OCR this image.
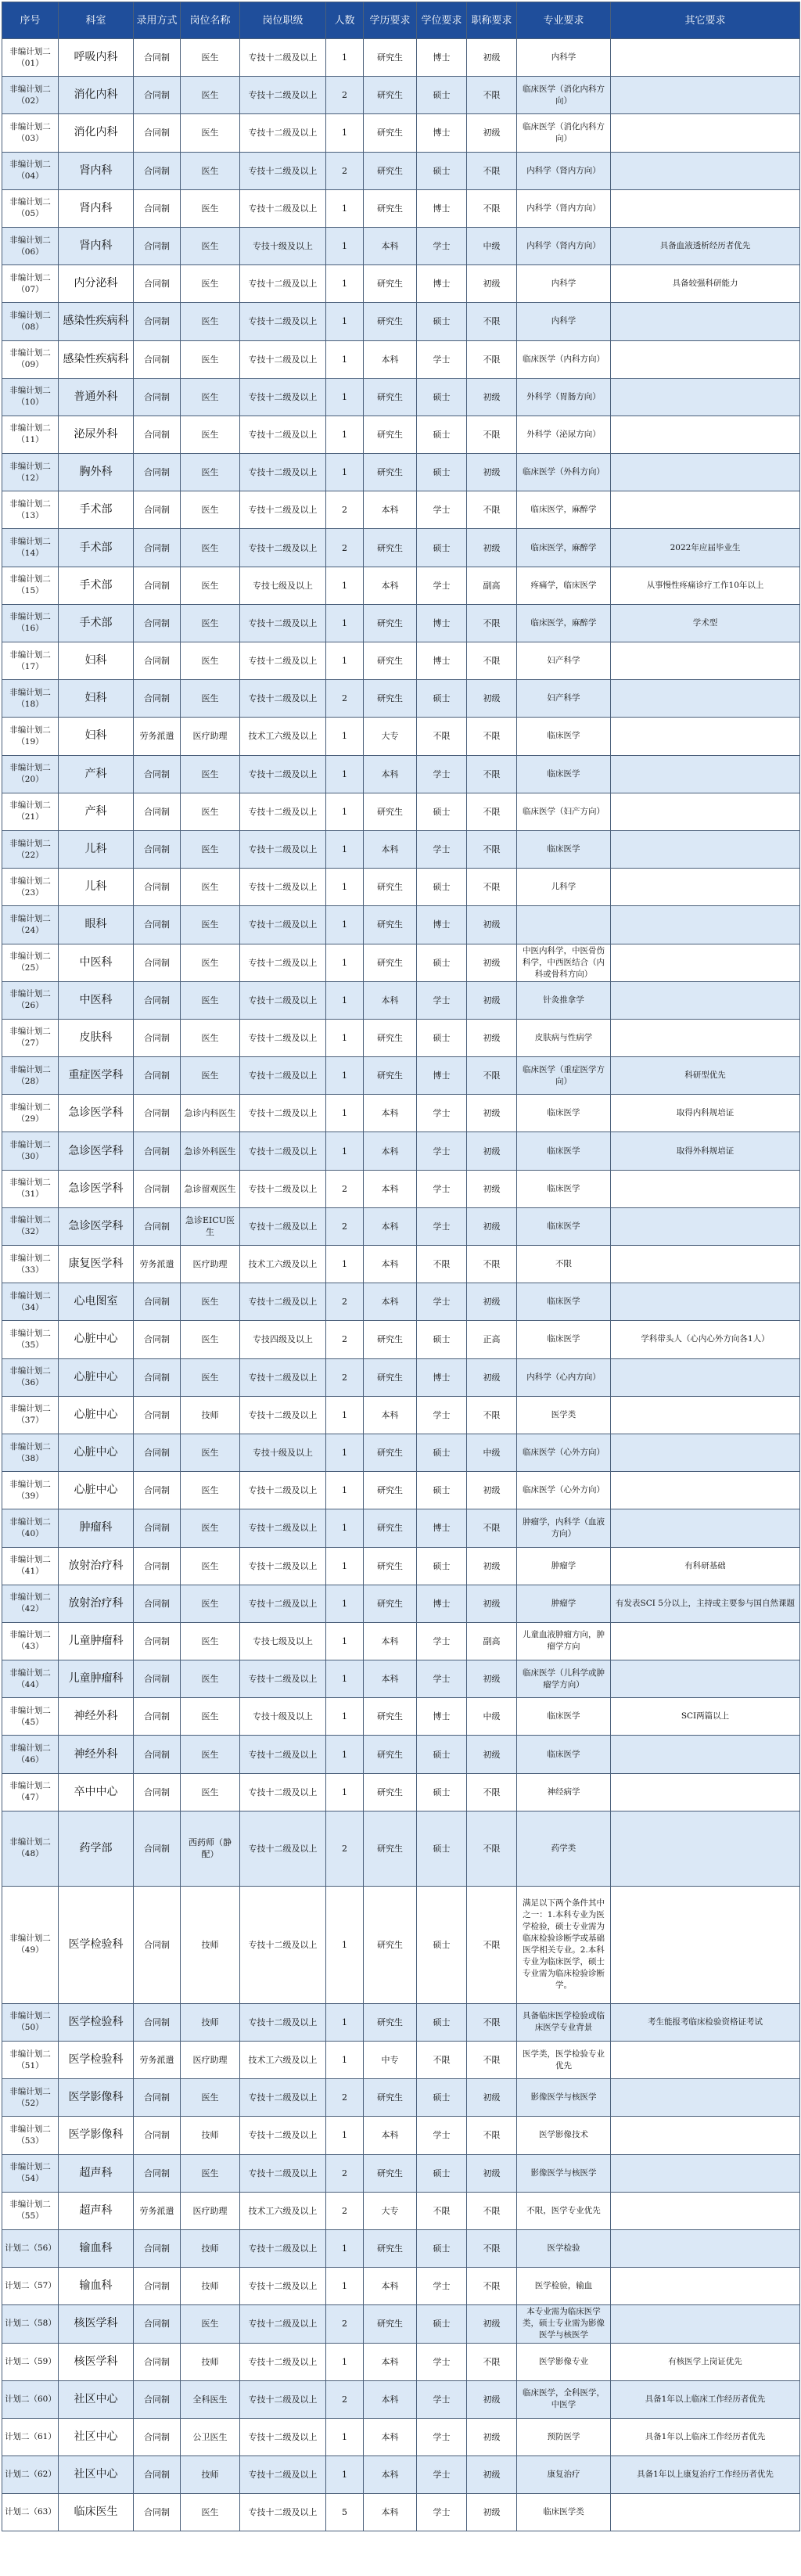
序号	科室	录用方式	岗位名称	岗位职级	人数	学历要求	学位要求	职称要求	专业要求	其它要求
非编计划二（01）	呼吸内科	合同制	医生	专技十二级及以上	1	研究生	博士	初级	内科学	
非编计划二（02）	消化内科	合同制	医生	专技十二级及以上	2	研究生	硕士	不限	临床医学（消化内科方向）	
非编计划二（03）	消化内科	合同制	医生	专技十二级及以上	1	研究生	博士	初级	临床医学（消化内科方向）	
非编计划二（04）	肾内科	合同制	医生	专技十二级及以上	2	研究生	硕士	不限	内科学（肾内方向）	
非编计划二（05）	肾内科	合同制	医生	专技十二级及以上	1	研究生	博士	不限	内科学（肾内方向）	
非编计划二（06）	肾内科	合同制	医生	专技十级及以上	1	本科	学士	中级	内科学（肾内方向）	具备血液透析经历者优先
非编计划二（07）	内分泌科	合同制	医生	专技十二级及以上	1	研究生	博士	初级	内科学	具备较强科研能力
非编计划二（08）	感染性疾病科	合同制	医生	专技十二级及以上	1	研究生	硕士	不限	内科学	
非编计划二（09）	感染性疾病科	合同制	医生	专技十二级及以上	1	本科	学士	不限	临床医学（内科方向）	
非编计划二（10）	普通外科	合同制	医生	专技十二级及以上	1	研究生	硕士	初级	外科学（胃肠方向）	
非编计划二（11）	泌尿外科	合同制	医生	专技十二级及以上	1	研究生	硕士	不限	外科学（泌尿方向）	
非编计划二（12）	胸外科	合同制	医生	专技十二级及以上	1	研究生	硕士	初级	临床医学（外科方向）	
非编计划二（13）	手术部	合同制	医生	专技十二级及以上	2	本科	学士	不限	临床医学，麻醉学	
非编计划二（14）	手术部	合同制	医生	专技十二级及以上	2	研究生	硕士	初级	临床医学，麻醉学	2022年应届毕业生
非编计划二（15）	手术部	合同制	医生	专技七级及以上	1	本科	学士	副高	疼痛学，临床医学	从事慢性疼痛诊疗工作10年以上
非编计划二（16）	手术部	合同制	医生	专技十二级及以上	1	研究生	博士	不限	临床医学，麻醉学	学术型
非编计划二（17）	妇科	合同制	医生	专技十二级及以上	1	研究生	博士	不限	妇产科学	
非编计划二（18）	妇科	合同制	医生	专技十二级及以上	2	研究生	硕士	初级	妇产科学	
非编计划二（19）	妇科	劳务派遣	医疗助理	技术工六级及以上	1	大专	不限	不限	临床医学	
非编计划二（20）	产科	合同制	医生	专技十二级及以上	1	本科	学士	不限	临床医学	
非编计划二（21）	产科	合同制	医生	专技十二级及以上	1	研究生	硕士	不限	临床医学（妇产方向）	
非编计划二（22）	儿科	合同制	医生	专技十二级及以上	1	本科	学士	不限	临床医学	
非编计划二（23）	儿科	合同制	医生	专技十二级及以上	1	研究生	硕士	不限	儿科学	
非编计划二（24）	眼科	合同制	医生	专技十二级及以上	1	研究生	博士	初级		
非编计划二（25）	中医科	合同制	医生	专技十二级及以上	1	研究生	硕士	初级	中医内科学，中医骨伤科学，中西医结合（内科或骨科方向）	
非编计划二（26）	中医科	合同制	医生	专技十二级及以上	1	本科	学士	初级	针灸推拿学	
非编计划二（27）	皮肤科	合同制	医生	专技十二级及以上	1	研究生	硕士	初级	皮肤病与性病学	
非编计划二（28）	重症医学科	合同制	医生	专技十二级及以上	1	研究生	博士	不限	临床医学（重症医学方向）	科研型优先
非编计划二（29）	急诊医学科	合同制	急诊内科医生	专技十二级及以上	1	本科	学士	初级	临床医学	取得内科规培证
非编计划二（30）	急诊医学科	合同制	急诊外科医生	专技十二级及以上	1	本科	学士	初级	临床医学	取得外科规培证
非编计划二（31）	急诊医学科	合同制	急诊留观医生	专技十二级及以上	2	本科	学士	初级	临床医学	
非编计划二（32）	急诊医学科	合同制	急诊EICU医生	专技十二级及以上	2	本科	学士	初级	临床医学	
非编计划二（33）	康复医学科	劳务派遣	医疗助理	技术工六级及以上	1	本科	不限	不限	不限	
非编计划二（34）	心电图室	合同制	医生	专技十二级及以上	2	本科	学士	初级	临床医学	
非编计划二（35）	心脏中心	合同制	医生	专技四级及以上	2	研究生	硕士	正高	临床医学	学科带头人（心内心外方向各1人）
非编计划二（36）	心脏中心	合同制	医生	专技十二级及以上	2	研究生	博士	初级	内科学（心内方向）	
非编计划二（37）	心脏中心	合同制	技师	专技十二级及以上	1	本科	学士	不限	医学类	
非编计划二（38）	心脏中心	合同制	医生	专技十级及以上	1	研究生	硕士	中级	临床医学（心外方向）	
非编计划二（39）	心脏中心	合同制	医生	专技十二级及以上	1	研究生	硕士	初级	临床医学（心外方向）	
非编计划二（40）	肿瘤科	合同制	医生	专技十二级及以上	1	研究生	博士	不限	肿瘤学，内科学（血液方向）	
非编计划二（41）	放射治疗科	合同制	医生	专技十二级及以上	1	研究生	硕士	初级	肿瘤学	有科研基础
非编计划二（42）	放射治疗科	合同制	医生	专技十二级及以上	1	研究生	博士	初级	肿瘤学	有发表SCI 5分以上，主持或主要参与国自然课题
非编计划二（43）	儿童肿瘤科	合同制	医生	专技七级及以上	1	本科	学士	副高	儿童血液肿瘤方向，肿瘤学方向	
非编计划二（44）	儿童肿瘤科	合同制	医生	专技十二级及以上	1	本科	学士	初级	临床医学（儿科学或肿瘤学方向）	
非编计划二（45）	神经外科	合同制	医生	专技十级及以上	1	研究生	博士	中级	临床医学	SCI两篇以上
非编计划二（46）	神经外科	合同制	医生	专技十二级及以上	1	研究生	硕士	初级	临床医学	
非编计划二（47）	卒中中心	合同制	医生	专技十二级及以上	1	研究生	硕士	不限	神经病学	
非编计划二（48）	药学部	合同制	西药师（静配）	专技十二级及以上	2	研究生	硕士	不限	药学类	
非编计划二（49）	医学检验科	合同制	技师	专技十二级及以上	1	研究生	硕士	不限	满足以下两个条件其中之一：1.本科专业为医学检验，硕士专业需为临床检验诊断学或基础医学相关专业。2.本科专业为临床医学，硕士专业需为临床检验诊断学。	
非编计划二（50）	医学检验科	合同制	技师	专技十二级及以上	1	研究生	硕士	不限	具备临床医学检验或临床医学专业背景	考生能报考临床检验资格证考试
非编计划二（51）	医学检验科	劳务派遣	医疗助理	技术工六级及以上	1	中专	不限	不限	医学类，医学检验专业优先	
非编计划二（52）	医学影像科	合同制	医生	专技十二级及以上	2	研究生	硕士	初级	影像医学与核医学	
非编计划二（53）	医学影像科	合同制	技师	专技十二级及以上	1	本科	学士	不限	医学影像技术	
非编计划二（54）	超声科	合同制	医生	专技十二级及以上	2	研究生	硕士	初级	影像医学与核医学	
非编计划二（55）	超声科	劳务派遣	医疗助理	技术工六级及以上	2	大专	不限	不限	不限，医学专业优先	
计划二（56）	输血科	合同制	技师	专技十二级及以上	1	研究生	硕士	不限	医学检验	
计划二（57）	输血科	合同制	技师	专技十二级及以上	1	本科	学士	不限	医学检验，输血	
计划二（58）	核医学科	合同制	医生	专技十二级及以上	2	研究生	硕士	初级	本专业需为临床医学类，硕士专业需为影像医学与核医学	
计划二（59）	核医学科	合同制	技师	专技十二级及以上	1	本科	学士	不限	医学影像专业	有核医学上岗证优先
计划二（60）	社区中心	合同制	全科医生	专技十二级及以上	2	本科	学士	初级	临床医学，全科医学，中医学	具备1年以上临床工作经历者优先
计划二（61）	社区中心	合同制	公卫医生	专技十二级及以上	1	本科	学士	初级	预防医学	具备1年以上临床工作经历者优先
计划二（62）	社区中心	合同制	技师	专技十二级及以上	1	本科	学士	初级	康复治疗	具备1年以上康复治疗工作经历者优先
计划二（63）	临床医生	合同制	医生	专技十二级及以上	5	本科	学士	初级	临床医学类	
